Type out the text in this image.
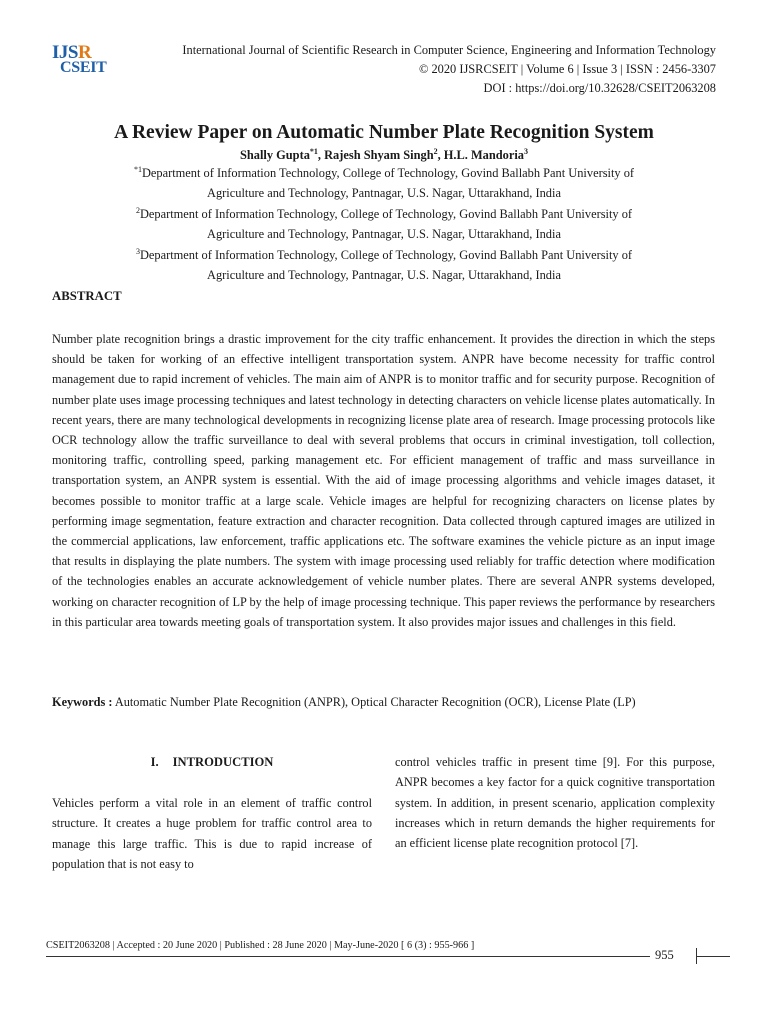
IJSR
CSEIT
International Journal of Scientific Research in Computer Science, Engineering and Information Technology
© 2020 IJSRCSEIT | Volume 6 | Issue 3 | ISSN : 2456-3307
DOI : https://doi.org/10.32628/CSEIT2063208
A Review Paper on Automatic Number Plate Recognition System
Shally Gupta$^{*1}$, Rajesh Shyam Singh$^2$, H.L. Mandoria$^3$
$^{*1}$Department of Information Technology, College of Technology, Govind Ballabh Pant University of
Agriculture and Technology, Pantnagar, U.S. Nagar, Uttarakhand, India
$^2$Department of Information Technology, College of Technology, Govind Ballabh Pant University of
Agriculture and Technology, Pantnagar, U.S. Nagar, Uttarakhand, India
$^3$Department of Information Technology, College of Technology, Govind Ballabh Pant University of
Agriculture and Technology, Pantnagar, U.S. Nagar, Uttarakhand, India
ABSTRACT

Number plate recognition brings a drastic improvement for the city traffic enhancement. It provides the direction in which the steps should be taken for working of an effective intelligent transportation system. ANPR have become necessity for traffic control management due to rapid increment of vehicles. The main aim of ANPR is to monitor traffic and for security purpose. Recognition of number plate uses image processing techniques and latest technology in detecting characters on vehicle license plates automatically. In recent years, there are many technological developments in recognizing license plate area of research. Image processing protocols like OCR technology allow the traffic surveillance to deal with several problems that occurs in criminal investigation, toll collection, monitoring traffic, controlling speed, parking management etc. For efficient management of traffic and mass surveillance in transportation system, an ANPR system is essential. With the aid of image processing algorithms and vehicle images dataset, it becomes possible to monitor traffic at a large scale. Vehicle images are helpful for recognizing characters on license plates by performing image segmentation, feature extraction and character recognition. Data collected through captured images are utilized in the commercial applications, law enforcement, traffic applications etc. The software examines the vehicle picture as an input image that results in displaying the plate numbers. The system with image processing used reliably for traffic detection where modification of the technologies enables an accurate acknowledgement of vehicle number plates. There are several ANPR systems developed, working on character recognition of LP by the help of image processing technique. This paper reviews the performance by researchers in this particular area towards meeting goals of transportation system. It also provides major issues and challenges in this field.

Keywords : Automatic Number Plate Recognition (ANPR), Optical Character Recognition (OCR), License Plate (LP)

I. INTRODUCTION

Vehicles perform a vital role in an element of traffic control structure. It creates a huge problem for traffic control area to manage this large traffic. This is due to rapid increase of population that is not easy to

control vehicles traffic in present time [9]. For this purpose, ANPR becomes a key factor for a quick cognitive transportation system. In addition, in present scenario, application complexity increases which in return demands the higher requirements for an efficient license plate recognition protocol [7].

CSEIT2063208 | Accepted : 20 June 2020 | Published : 28 June 2020 | May-June-2020 [ 6 (3) : 955-966 ]
955
